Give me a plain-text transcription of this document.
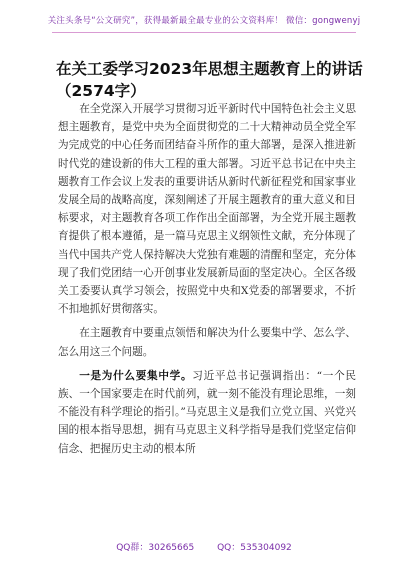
关注头条号“公文研究”，获得最新最全最专业的公文资料库！ 微信：gongwenyj
在关工委学习2023年思想主题教育上的讲话（2574字）

在全党深入开展学习贯彻习近平新时代中国特色社会主义思想主题教育，是党中央为全面贯彻党的二十大精神动员全党全军为完成党的中心任务而团结奋斗所作的重大部署，是深入推进新时代党的建设新的伟大工程的重大部署。习近平总书记在中央主题教育工作会议上发表的重要讲话从新时代新征程党和国家事业发展全局的战略高度，深刻阐述了开展主题教育的重大意义和目标要求，对主题教育各项工作作出全面部署，为全党开展主题教育提供了根本遵循，是一篇马克思主义纲领性文献，充分体现了当代中国共产党人保持解决大党独有难题的清醒和坚定，充分体现了我们党团结一心开创事业发展新局面的坚定决心。全区各级关工委要认真学习领会，按照党中央和X党委的部署要求，不折不扣地抓好贯彻落实。

在主题教育中要重点领悟和解决为什么要集中学、怎么学、怎么用这三个问题。

一是为什么要集中学。习近平总书记强调指出：“一个民族、一个国家要走在时代前列，就一刻不能没有理论思维，一刻不能没有科学理论的指引。”马克思主义是我们立党立国、兴党兴国的根本指导思想，拥有马克思主义科学指导是我们党坚定信仰信念、把握历史主动的根本所

QQ群：30265665	QQ：535304092
